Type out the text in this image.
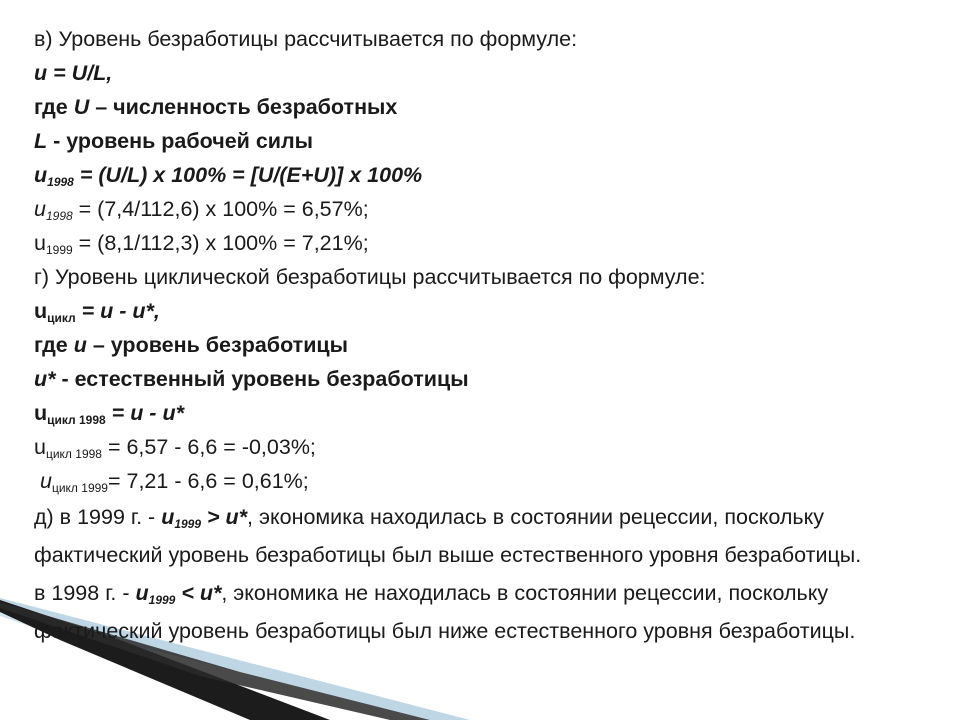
в) Уровень безработицы рассчитывается по формуле:
u = U/L,
где U – численность безработных
L - уровень рабочей силы
$u_{1998} = (U/L)$ x 100% = [U/(E+U)] x 100%
$u_{1998} = (7,4/112,6)$ x 100% = 6,57%;
$u_{1999} = (8,1/112,3)$ x 100% = 7,21%;
г) Уровень циклической безработицы рассчитывается по формуле:
$u_{цикл} = u - u*$,
где u – уровень безработицы
u* - естественный уровень безработицы
$u_{цикл 1998} = u - u*$
$u_{цикл 1998} = 6,57 - 6,6 = -0,03\%$;
$u_{цикл 1999}= 7,21 - 6,6 = 0,61\%$;
д) в 1999 г. - $u_{1999} > u*$, экономика находилась в состоянии рецессии, поскольку фактический уровень безработицы был выше естественного уровня безработицы.
в 1998 г. - $u_{1999} < u*$, экономика не находилась в состоянии рецессии, поскольку фактический уровень безработицы был ниже естественного уровня безработицы.
